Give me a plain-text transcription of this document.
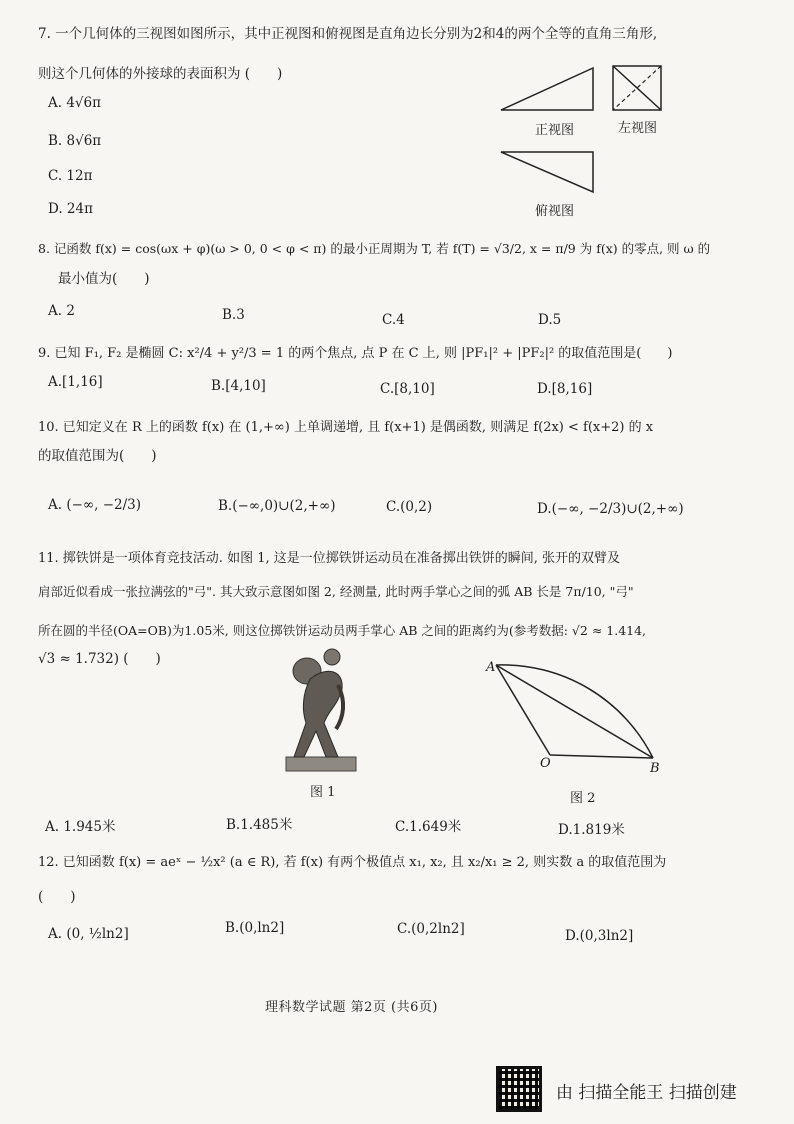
7. 一个几何体的三视图如图所示，其中正视图和俯视图是直角边长分别为2和4的两个全等的直角三角形,
则这个几何体的外接球的表面积为 (　　)
A. 4√6π
B. 8√6π
C. 12π
D. 24π
正视图	左视图
俯视图
8. 记函数 f(x) = cos(ωx + φ)(ω > 0, 0 < φ < π) 的最小正周期为 T, 若 f(T) = √3/2, x = π/9 为 f(x) 的零点, 则 ω 的
最小值为(　　)
A. 2	B.3	C.4	D.5
9. 已知 F₁, F₂ 是椭圆 C: x²/4 + y²/3 = 1 的两个焦点, 点 P 在 C 上, 则 |PF₁|² + |PF₂|² 的取值范围是(　　)
A.[1,16]	B.[4,10]	C.[8,10]	D.[8,16]
10. 已知定义在 R 上的函数 f(x) 在 (1,+∞) 上单调递增, 且 f(x+1) 是偶函数, 则满足 f(2x) < f(x+2) 的 x
的取值范围为(　　)
A. (−∞, −2/3)	B.(−∞,0)∪(2,+∞)	C.(0,2)	D.(−∞, −2/3)∪(2,+∞)
11. 掷铁饼是一项体育竞技活动. 如图 1, 这是一位掷铁饼运动员在准备掷出铁饼的瞬间, 张开的双臂及
肩部近似看成一张拉满弦的"弓". 其大致示意图如图 2, 经测量, 此时两手掌心之间的弧 AB 长是 7π/10, "弓"
所在圆的半径(OA=OB)为1.05米, 则这位掷铁饼运动员两手掌心 AB 之间的距离约为(参考数据: √2 ≈ 1.414,
√3 ≈ 1.732) (　　)
图 1
A
O	B
图 2
A. 1.945米	B.1.485米	C.1.649米	D.1.819米
12. 已知函数 f(x) = aeˣ − ½x² (a ∈ R), 若 f(x) 有两个极值点 x₁, x₂, 且 x₂/x₁ ≥ 2, 则实数 a 的取值范围为
(　　)
A. (0, ½ln2]	B.(0,ln2]	C.(0,2ln2]	D.(0,3ln2]
理科数学试题 第2页 (共6页)
由 扫描全能王 扫描创建
